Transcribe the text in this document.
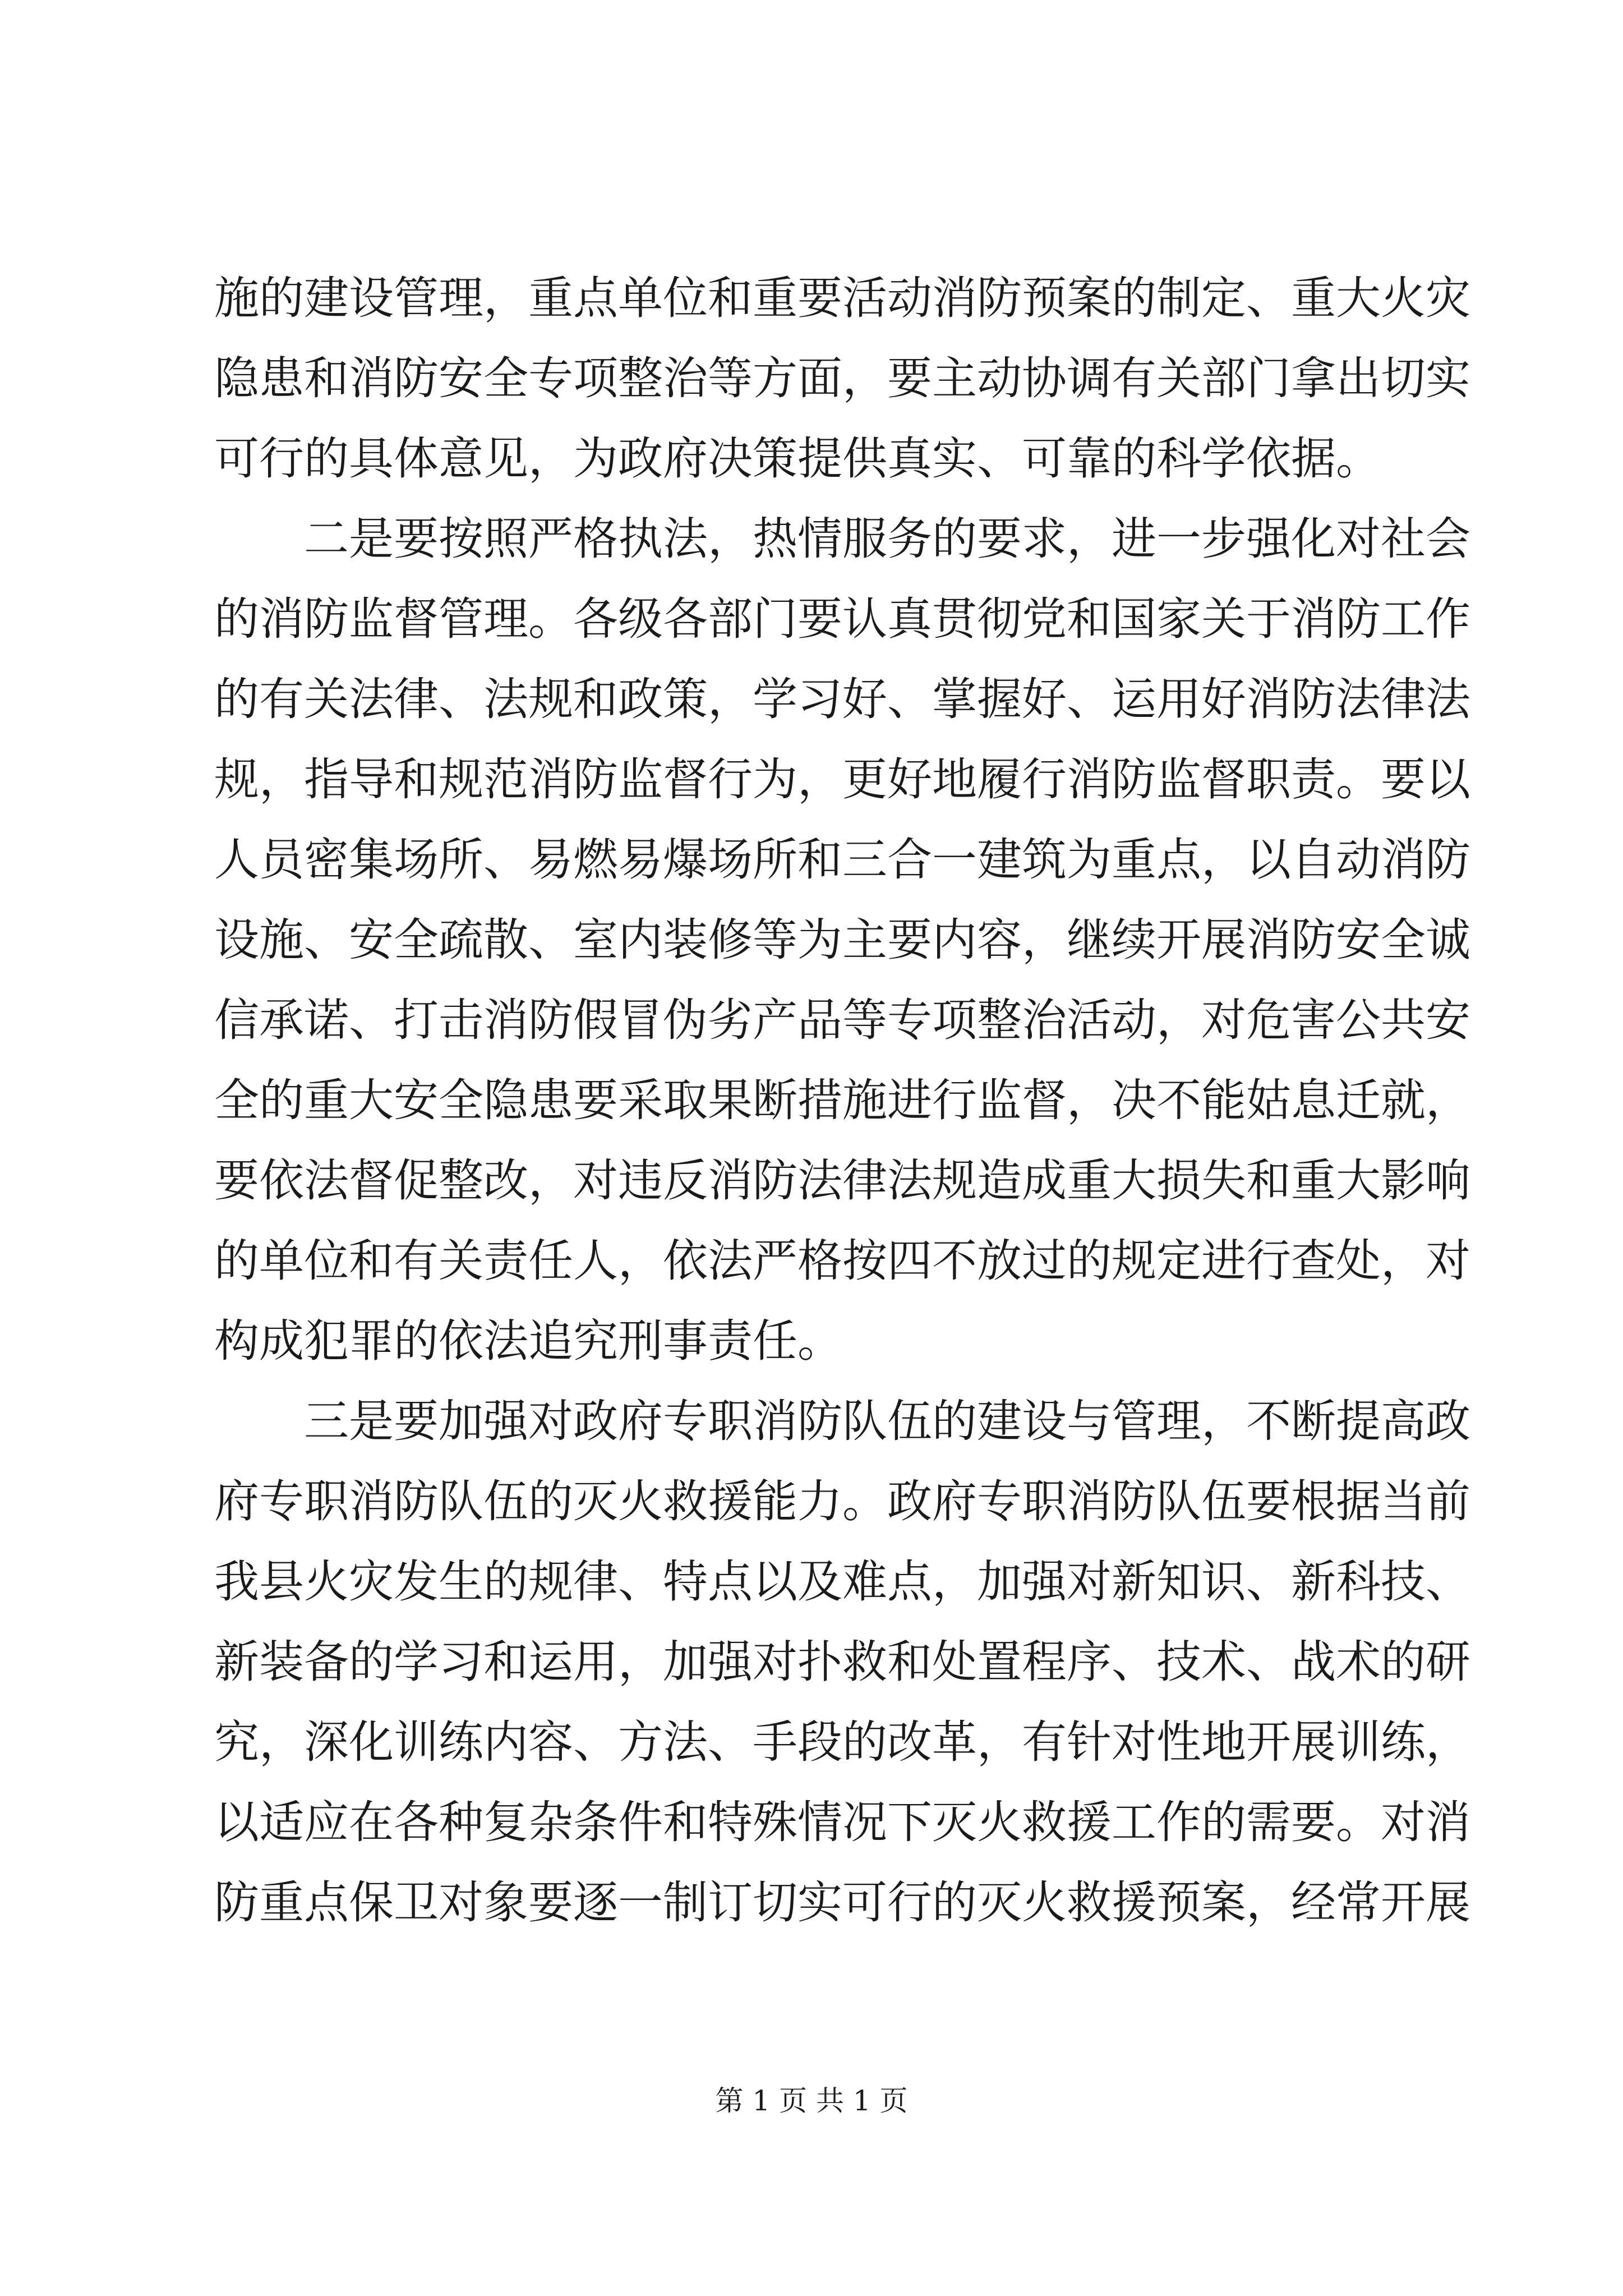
施的建设管理，重点单位和重要活动消防预案的制定、重大火灾
隐患和消防安全专项整治等方面，要主动协调有关部门拿出切实
可行的具体意见，为政府决策提供真实、可靠的科学依据。
二是要按照严格执法，热情服务的要求，进一步强化对社会
的消防监督管理。各级各部门要认真贯彻党和国家关于消防工作
的有关法律、法规和政策，学习好、掌握好、运用好消防法律法
规，指导和规范消防监督行为，更好地履行消防监督职责。要以
人员密集场所、易燃易爆场所和三合一建筑为重点，以自动消防
设施、安全疏散、室内装修等为主要内容，继续开展消防安全诚
信承诺、打击消防假冒伪劣产品等专项整治活动，对危害公共安
全的重大安全隐患要采取果断措施进行监督，决不能姑息迁就，
要依法督促整改，对违反消防法律法规造成重大损失和重大影响
的单位和有关责任人，依法严格按四不放过的规定进行查处，对
构成犯罪的依法追究刑事责任。
三是要加强对政府专职消防队伍的建设与管理，不断提高政
府专职消防队伍的灭火救援能力。政府专职消防队伍要根据当前
我县火灾发生的规律、特点以及难点，加强对新知识、新科技、
新装备的学习和运用，加强对扑救和处置程序、技术、战术的研
究，深化训练内容、方法、手段的改革，有针对性地开展训练，
以适应在各种复杂条件和特殊情况下灭火救援工作的需要。对消
防重点保卫对象要逐一制订切实可行的灭火救援预案，经常开展
第 1 页 共 1 页
